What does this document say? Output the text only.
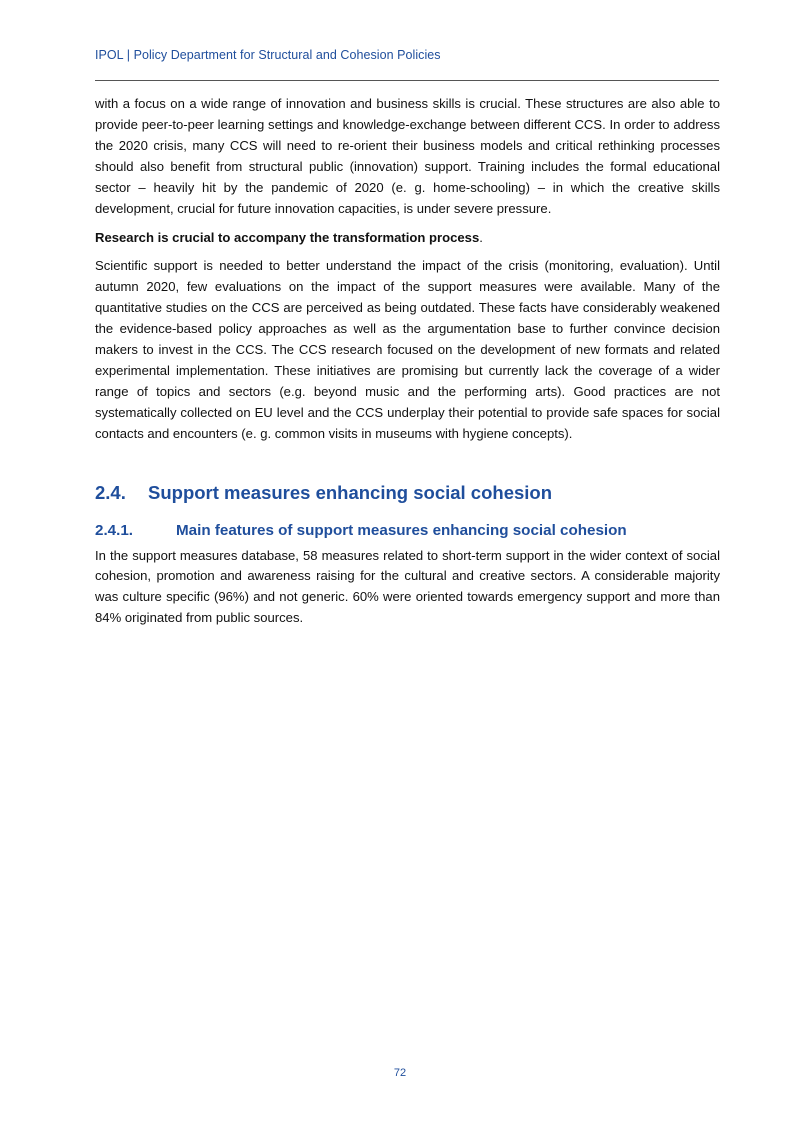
IPOL | Policy Department for Structural and Cohesion Policies

with a focus on a wide range of innovation and business skills is crucial. These structures are also able to provide peer-to-peer learning settings and knowledge-exchange between different CCS. In order to address the 2020 crisis, many CCS will need to re-orient their business models and critical rethinking processes should also benefit from structural public (innovation) support. Training includes the formal educational sector – heavily hit by the pandemic of 2020 (e. g. home-schooling) – in which the creative skills development, crucial for future innovation capacities, is under severe pressure.

Research is crucial to accompany the transformation process.

Scientific support is needed to better understand the impact of the crisis (monitoring, evaluation). Until autumn 2020, few evaluations on the impact of the support measures were available. Many of the quantitative studies on the CCS are perceived as being outdated. These facts have considerably weakened the evidence-based policy approaches as well as the argumentation base to further convince decision makers to invest in the CCS. The CCS research focused on the development of new formats and related experimental implementation. These initiatives are promising but currently lack the coverage of a wider range of topics and sectors (e.g. beyond music and the performing arts). Good practices are not systematically collected on EU level and the CCS underplay their potential to provide safe spaces for social contacts and encounters (e. g. common visits in museums with hygiene concepts).

2.4.	Support measures enhancing social cohesion
2.4.1.	Main features of support measures enhancing social cohesion

In the support measures database, 58 measures related to short-term support in the wider context of social cohesion, promotion and awareness raising for the cultural and creative sectors. A considerable majority was culture specific (96%) and not generic. 60% were oriented towards emergency support and more than 84% originated from public sources.

72
